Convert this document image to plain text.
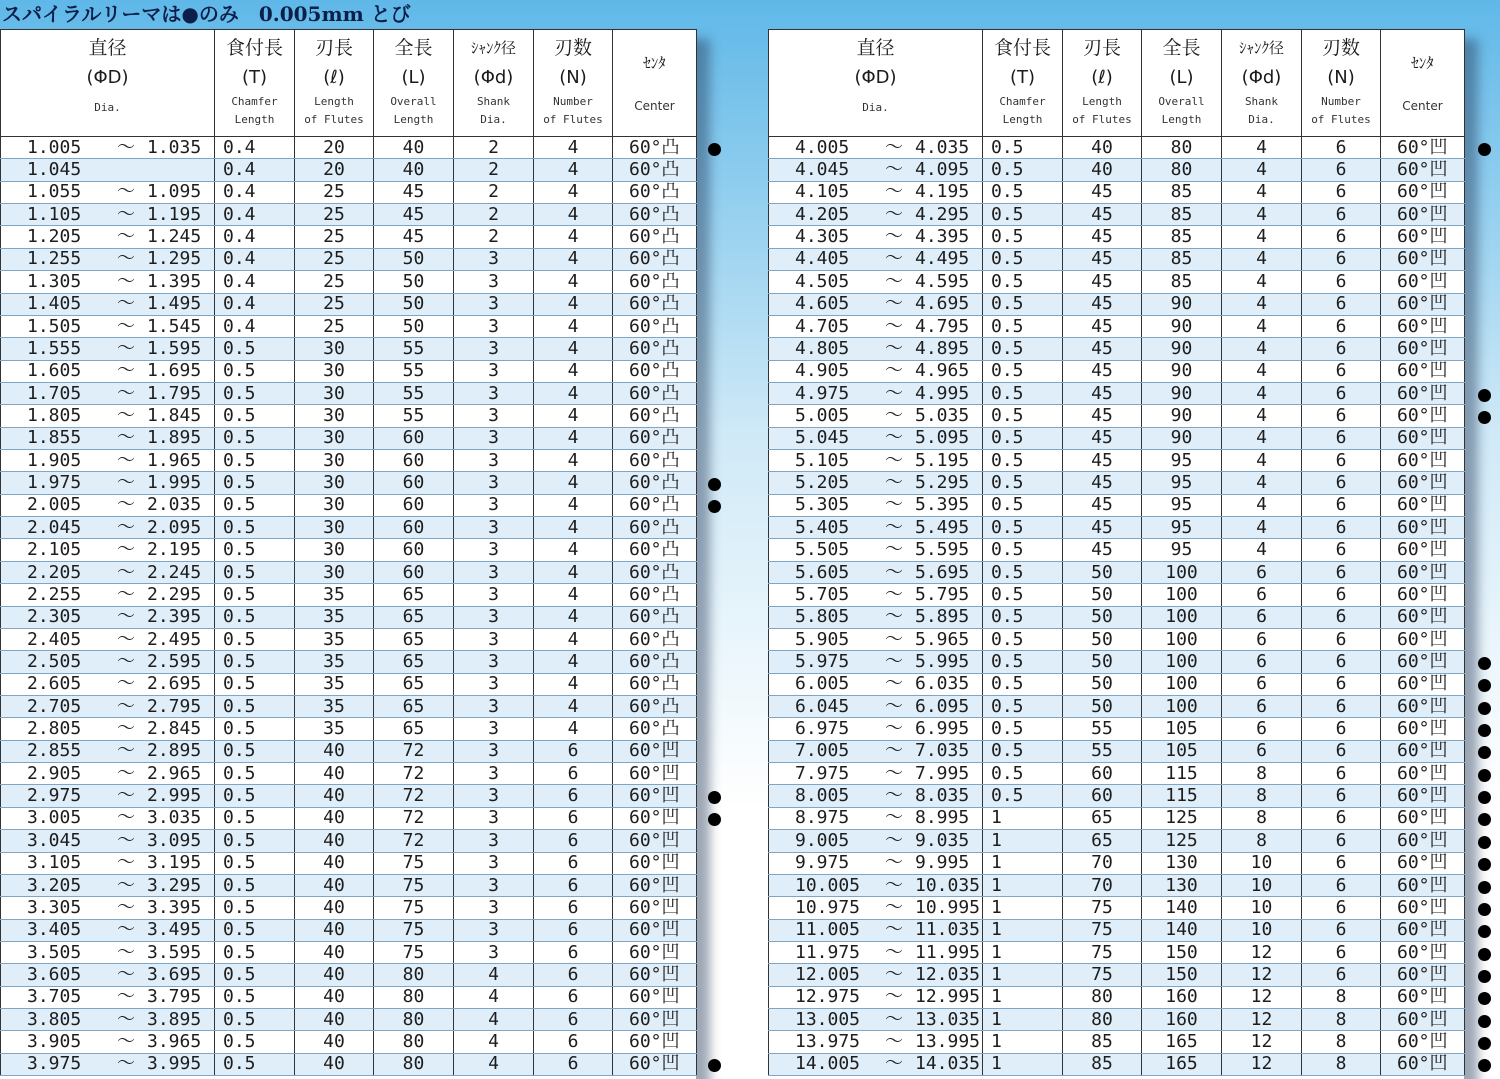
スパイラルリーマは●のみ　0.005mm とび
直径
(ΦD)
Dia.	食付長
(T)
Chamfer
Length	刃長
(ℓ)
Length
of Flutes	全長
(L)
Overall
Length	ｼｬﾝｸ径
(Φd)
Shank
Dia.	刃数
(N)
Number
of Flutes	ｾﾝﾀ
Center

1.005 ～ 1.035	0.4	20	40	2	4	60°凸
1.045	0.4	20	40	2	4	60°凸
1.055 ～ 1.095	0.4	25	45	2	4	60°凸
1.105 ～ 1.195	0.4	25	45	2	4	60°凸
1.205 ～ 1.245	0.4	25	45	2	4	60°凸
1.255 ～ 1.295	0.4	25	50	3	4	60°凸
1.305 ～ 1.395	0.4	25	50	3	4	60°凸
1.405 ～ 1.495	0.4	25	50	3	4	60°凸
1.505 ～ 1.545	0.4	25	50	3	4	60°凸
1.555 ～ 1.595	0.5	30	55	3	4	60°凸
1.605 ～ 1.695	0.5	30	55	3	4	60°凸
1.705 ～ 1.795	0.5	30	55	3	4	60°凸
1.805 ～ 1.845	0.5	30	55	3	4	60°凸
1.855 ～ 1.895	0.5	30	60	3	4	60°凸
1.905 ～ 1.965	0.5	30	60	3	4	60°凸
1.975 ～ 1.995	0.5	30	60	3	4	60°凸
2.005 ～ 2.035	0.5	30	60	3	4	60°凸
2.045 ～ 2.095	0.5	30	60	3	4	60°凸
2.105 ～ 2.195	0.5	30	60	3	4	60°凸
2.205 ～ 2.245	0.5	30	60	3	4	60°凸
2.255 ～ 2.295	0.5	35	65	3	4	60°凸
2.305 ～ 2.395	0.5	35	65	3	4	60°凸
2.405 ～ 2.495	0.5	35	65	3	4	60°凸
2.505 ～ 2.595	0.5	35	65	3	4	60°凸
2.605 ～ 2.695	0.5	35	65	3	4	60°凸
2.705 ～ 2.795	0.5	35	65	3	4	60°凸
2.805 ～ 2.845	0.5	35	65	3	4	60°凸
2.855 ～ 2.895	0.5	40	72	3	6	60°凹
2.905 ～ 2.965	0.5	40	72	3	6	60°凹
2.975 ～ 2.995	0.5	40	72	3	6	60°凹
3.005 ～ 3.035	0.5	40	72	3	6	60°凹
3.045 ～ 3.095	0.5	40	72	3	6	60°凹
3.105 ～ 3.195	0.5	40	75	3	6	60°凹
3.205 ～ 3.295	0.5	40	75	3	6	60°凹
3.305 ～ 3.395	0.5	40	75	3	6	60°凹
3.405 ～ 3.495	0.5	40	75	3	6	60°凹
3.505 ～ 3.595	0.5	40	75	3	6	60°凹
3.605 ～ 3.695	0.5	40	80	4	6	60°凹
3.705 ～ 3.795	0.5	40	80	4	6	60°凹
3.805 ～ 3.895	0.5	40	80	4	6	60°凹
3.905 ～ 3.965	0.5	40	80	4	6	60°凹
3.975 ～ 3.995	0.5	40	80	4	6	60°凹
直径
(ΦD)
Dia.	食付長
(T)
Chamfer
Length	刃長
(ℓ)
Length
of Flutes	全長
(L)
Overall
Length	ｼｬﾝｸ径
(Φd)
Shank
Dia.	刃数
(N)
Number
of Flutes	ｾﾝﾀ
Center

4.005 ～ 4.035	0.5	40	80	4	6	60°凹
4.045 ～ 4.095	0.5	40	80	4	6	60°凹
4.105 ～ 4.195	0.5	45	85	4	6	60°凹
4.205 ～ 4.295	0.5	45	85	4	6	60°凹
4.305 ～ 4.395	0.5	45	85	4	6	60°凹
4.405 ～ 4.495	0.5	45	85	4	6	60°凹
4.505 ～ 4.595	0.5	45	85	4	6	60°凹
4.605 ～ 4.695	0.5	45	90	4	6	60°凹
4.705 ～ 4.795	0.5	45	90	4	6	60°凹
4.805 ～ 4.895	0.5	45	90	4	6	60°凹
4.905 ～ 4.965	0.5	45	90	4	6	60°凹
4.975 ～ 4.995	0.5	45	90	4	6	60°凹
5.005 ～ 5.035	0.5	45	90	4	6	60°凹
5.045 ～ 5.095	0.5	45	90	4	6	60°凹
5.105 ～ 5.195	0.5	45	95	4	6	60°凹
5.205 ～ 5.295	0.5	45	95	4	6	60°凹
5.305 ～ 5.395	0.5	45	95	4	6	60°凹
5.405 ～ 5.495	0.5	45	95	4	6	60°凹
5.505 ～ 5.595	0.5	45	95	4	6	60°凹
5.605 ～ 5.695	0.5	50	100	6	6	60°凹
5.705 ～ 5.795	0.5	50	100	6	6	60°凹
5.805 ～ 5.895	0.5	50	100	6	6	60°凹
5.905 ～ 5.965	0.5	50	100	6	6	60°凹
5.975 ～ 5.995	0.5	50	100	6	6	60°凹
6.005 ～ 6.035	0.5	50	100	6	6	60°凹
6.045 ～ 6.095	0.5	50	100	6	6	60°凹
6.975 ～ 6.995	0.5	55	105	6	6	60°凹
7.005 ～ 7.035	0.5	55	105	6	6	60°凹
7.975 ～ 7.995	0.5	60	115	8	6	60°凹
8.005 ～ 8.035	0.5	60	115	8	6	60°凹
8.975 ～ 8.995	1	65	125	8	6	60°凹
9.005 ～ 9.035	1	65	125	8	6	60°凹
9.975 ～ 9.995	1	70	130	10	6	60°凹
10.005 ～ 10.035	1	70	130	10	6	60°凹
10.975 ～ 10.995	1	75	140	10	6	60°凹
11.005 ～ 11.035	1	75	140	10	6	60°凹
11.975 ～ 11.995	1	75	150	12	6	60°凹
12.005 ～ 12.035	1	75	150	12	6	60°凹
12.975 ～ 12.995	1	80	160	12	8	60°凹
13.005 ～ 13.035	1	80	160	12	8	60°凹
13.975 ～ 13.995	1	85	165	12	8	60°凹
14.005 ～ 14.035	1	85	165	12	8	60°凹
